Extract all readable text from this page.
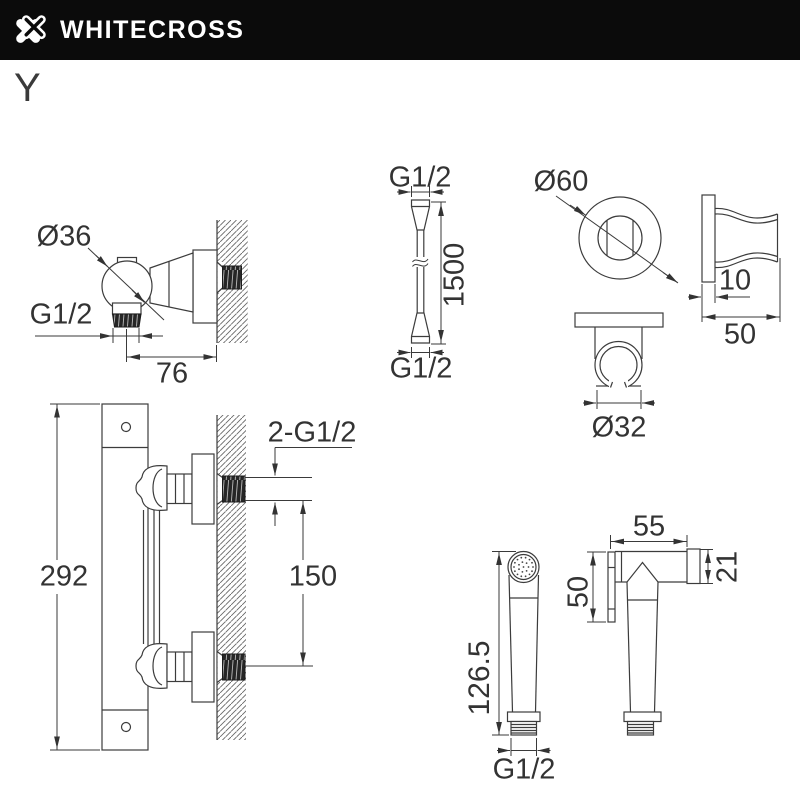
WHITECROSS
Y
Ø36
G1/2
76
G1/2
1500
G1/2
Ø60
10
50
Ø32
292
2-G1/2
150
126.5
G1/2
50
55
21
